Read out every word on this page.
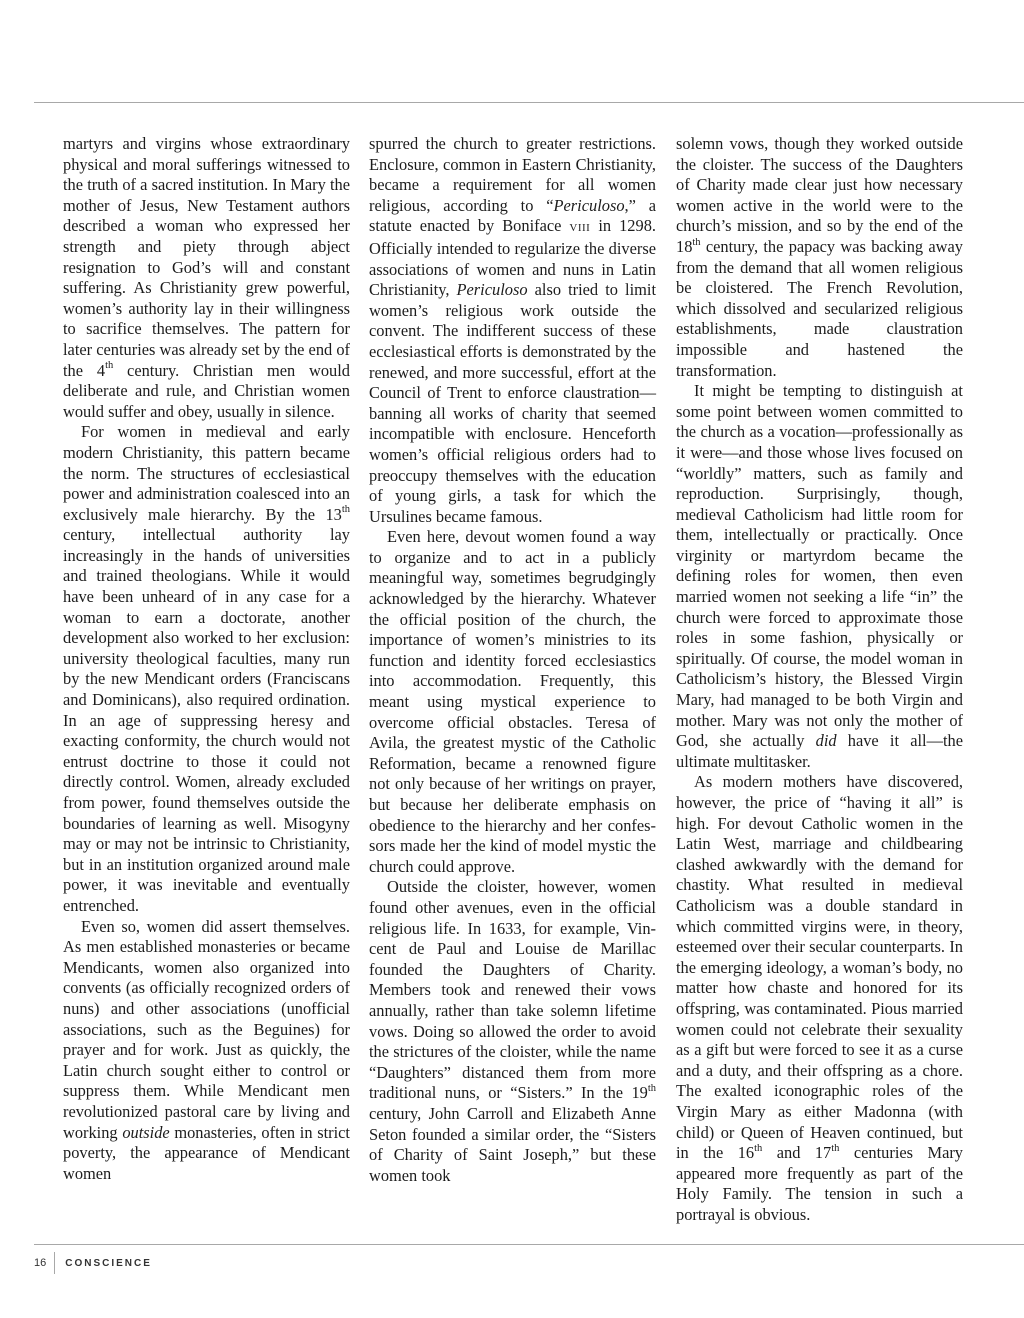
martyrs and virgins whose extraordinary physical and moral sufferings witnessed to the truth of a sacred institution. In Mary the mother of Jesus, New Testament authors described a woman who expressed her strength and piety through abject resignation to God’s will and constant suffering. As Christianity grew powerful, women’s authority lay in their willingness to sacrifice themselves. The pattern for later centuries was already set by the end of the 4th century. Christian men would deliberate and rule, and Christian women would suffer and obey, usually in silence.

For women in medieval and early modern Christianity, this pattern became the norm. The structures of ecclesiastical power and administration coalesced into an exclusively male hierarchy. By the 13th century, intellectual authority lay increasingly in the hands of universities and trained theologians. While it would have been unheard of in any case for a woman to earn a doctorate, another development also worked to her exclusion: university theological faculties, many run by the new Mendicant orders (Franciscans and Dominicans), also required ordination. In an age of suppressing heresy and exacting conformity, the church would not entrust doctrine to those it could not directly control. Women, already excluded from power, found themselves outside the boundaries of learning as well. Misogyny may or may not be intrinsic to Christianity, but in an institution organized around male power, it was inevitable and eventually entrenched.

Even so, women did assert themselves. As men established monasteries or became Mendicants, women also organized into convents (as officially recognized orders of nuns) and other associations (unofficial associations, such as the Beguines) for prayer and for work. Just as quickly, the Latin church sought either to control or suppress them. While Mendicant men revolutionized pastoral care by living and working outside monasteries, often in strict poverty, the appearance of Mendicant women

spurred the church to greater restrictions. Enclosure, common in Eastern Christianity, became a requirement for all women religious, according to “Periculoso,” a statute enacted by Boniface VIII in 1298. Officially intended to regularize the diverse associations of women and nuns in Latin Christianity, Periculoso also tried to limit women’s religious work outside the convent. The indifferent success of these ecclesiastical efforts is demonstrated by the renewed, and more successful, effort at the Council of Trent to enforce claustration—banning all works of charity that seemed incompatible with enclosure. Henceforth women’s official religious orders had to preoccupy themselves with the education of young girls, a task for which the Ursulines became famous.

Even here, devout women found a way to organize and to act in a publicly meaningful way, sometimes begrudgingly acknowledged by the hierarchy. Whatever the official position of the church, the importance of women’s ministries to its function and identity forced ecclesiastics into accommodation. Frequently, this meant using mystical experience to overcome official obstacles. Teresa of Avila, the greatest mystic of the Catholic Reformation, became a renowned figure not only because of her writings on prayer, but because her deliberate emphasis on obedience to the hierarchy and her confessors made her the kind of model mystic the church could approve.

Outside the cloister, however, women found other avenues, even in the official religious life. In 1633, for example, Vincent de Paul and Louise de Marillac founded the Daughters of Charity. Members took and renewed their vows annually, rather than take solemn lifetime vows. Doing so allowed the order to avoid the strictures of the cloister, while the name “Daughters” distanced them from more traditional nuns, or “Sisters.” In the 19th century, John Carroll and Elizabeth Anne Seton founded a similar order, the “Sisters of Charity of Saint Joseph,” but these women took

solemn vows, though they worked outside the cloister. The success of the Daughters of Charity made clear just how necessary women active in the world were to the church’s mission, and so by the end of the 18th century, the papacy was backing away from the demand that all women religious be cloistered. The French Revolution, which dissolved and secularized religious establishments, made claustration impossible and hastened the transformation.

It might be tempting to distinguish at some point between women committed to the church as a vocation—professionally as it were—and those whose lives focused on “worldly” matters, such as family and reproduction. Surprisingly, though, medieval Catholicism had little room for them, intellectually or practically. Once virginity or martyrdom became the defining roles for women, then even married women not seeking a life “in” the church were forced to approximate those roles in some fashion, physically or spiritually. Of course, the model woman in Catholicism’s history, the Blessed Virgin Mary, had managed to be both Virgin and mother. Mary was not only the mother of God, she actually did have it all—the ultimate multitasker.

As modern mothers have discovered, however, the price of “having it all” is high. For devout Catholic women in the Latin West, marriage and childbearing clashed awkwardly with the demand for chastity. What resulted in medieval Catholicism was a double standard in which committed virgins were, in theory, esteemed over their secular counterparts. In the emerging ideology, a woman’s body, no matter how chaste and honored for its offspring, was contaminated. Pious married women could not celebrate their sexuality as a gift but were forced to see it as a curse and a duty, and their offspring as a chore. The exalted iconographic roles of the Virgin Mary as either Madonna (with child) or Queen of Heaven continued, but in the 16th and 17th centuries Mary appeared more frequently as part of the Holy Family. The tension in such a portrayal is obvious.

16	CONSCIENCE
